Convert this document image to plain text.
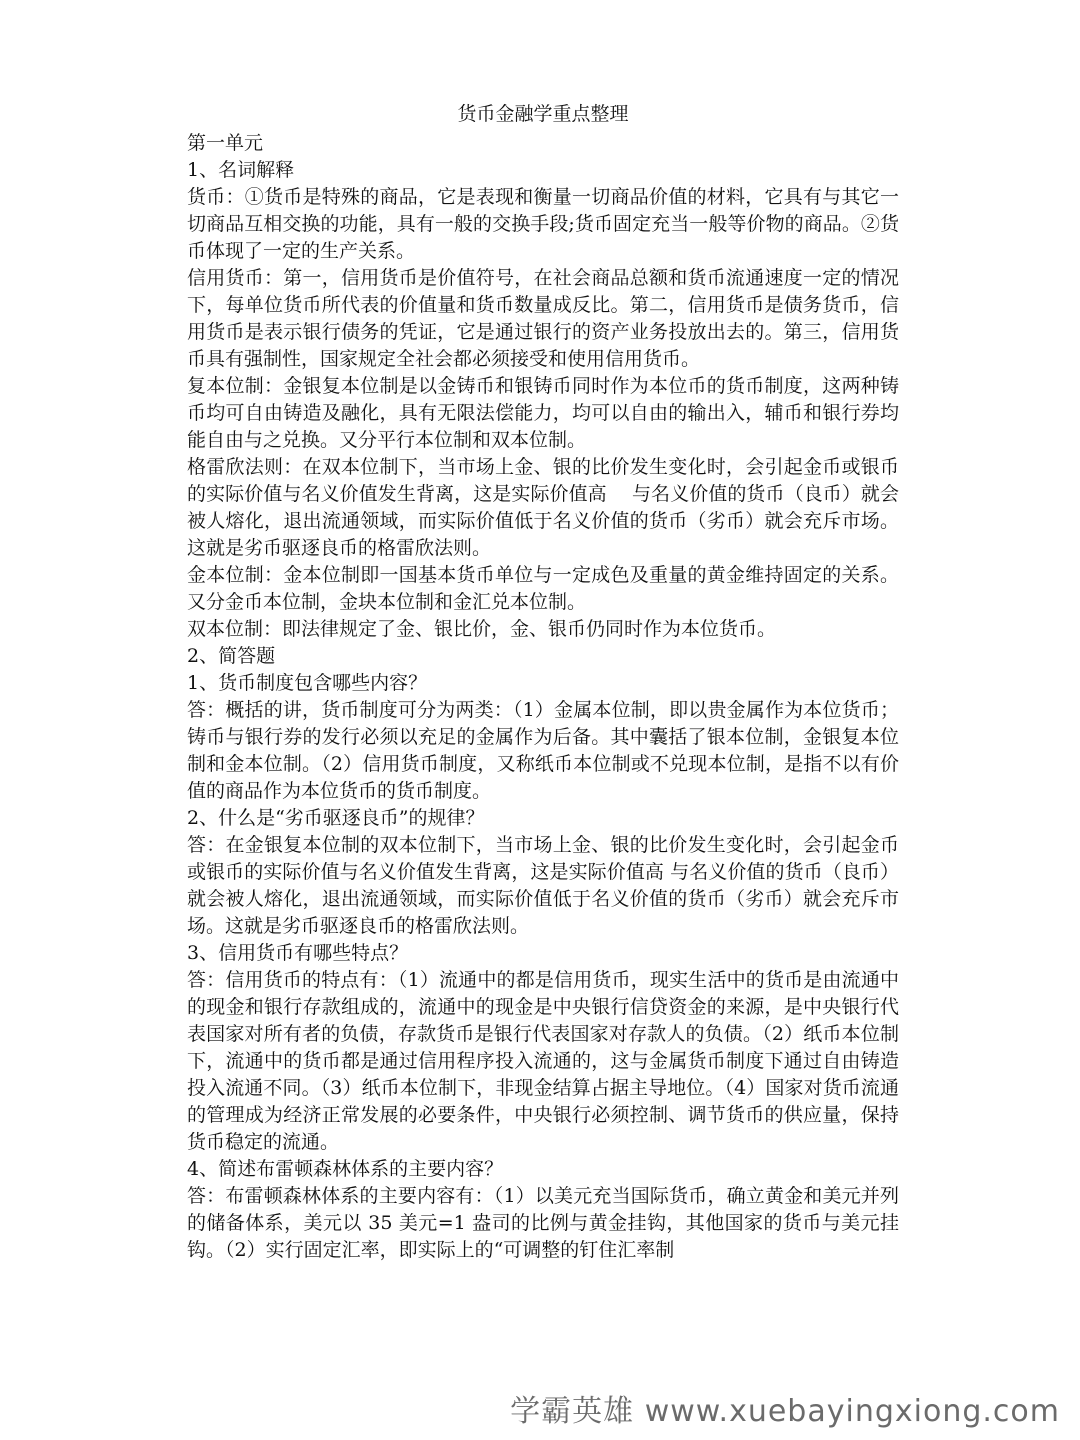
货币金融学重点整理

第一单元

1、名词解释

货币：①货币是特殊的商品，它是表现和衡量一切商品价值的材料，它具有与其它一切商品互相交换的功能，具有一般的交换手段;货币固定充当一般等价物的商品。②货币体现了一定的生产关系。

信用货币：第一，信用货币是价值符号，在社会商品总额和货币流通速度一定的情况下，每单位货币所代表的价值量和货币数量成反比。第二，信用货币是债务货币，信用货币是表示银行债务的凭证，它是通过银行的资产业务投放出去的。第三，信用货币具有强制性，国家规定全社会都必须接受和使用信用货币。

复本位制：金银复本位制是以金铸币和银铸币同时作为本位币的货币制度，这两种铸币均可自由铸造及融化，具有无限法偿能力，均可以自由的输出入，辅币和银行券均能自由与之兑换。又分平行本位制和双本位制。

格雷欣法则：在双本位制下，当市场上金、银的比价发生变化时，会引起金币或银币的实际价值与名义价值发生背离，这是实际价值高　 与名义价值的货币（良币）就会被人熔化，退出流通领域，而实际价值低于名义价值的货币（劣币）就会充斥市场。这就是劣币驱逐良币的格雷欣法则。

金本位制：金本位制即一国基本货币单位与一定成色及重量的黄金维持固定的关系。又分金币本位制，金块本位制和金汇兑本位制。

双本位制：即法律规定了金、银比价，金、银币仍同时作为本位货币。

2、简答题

1、货币制度包含哪些内容？

答：概括的讲，货币制度可分为两类：（1）金属本位制，即以贵金属作为本位货币；铸币与银行券的发行必须以充足的金属作为后备。其中囊括了银本位制，金银复本位制和金本位制。（2）信用货币制度，又称纸币本位制或不兑现本位制，是指不以有价值的商品作为本位货币的货币制度。

2、什么是“劣币驱逐良币”的规律？

答：在金银复本位制的双本位制下，当市场上金、银的比价发生变化时，会引起金币或银币的实际价值与名义价值发生背离，这是实际价值高 与名义价值的货币（良币）就会被人熔化，退出流通领域，而实际价值低于名义价值的货币（劣币）就会充斥市场。这就是劣币驱逐良币的格雷欣法则。

3、信用货币有哪些特点？

答：信用货币的特点有：（1）流通中的都是信用货币，现实生活中的货币是由流通中的现金和银行存款组成的，流通中的现金是中央银行信贷资金的来源，是中央银行代表国家对所有者的负债，存款货币是银行代表国家对存款人的负债。（2）纸币本位制下，流通中的货币都是通过信用程序投入流通的，这与金属货币制度下通过自由铸造投入流通不同。（3）纸币本位制下，非现金结算占据主导地位。（4）国家对货币流通的管理成为经济正常发展的必要条件，中央银行必须控制、调节货币的供应量，保持货币稳定的流通。

4、简述布雷顿森林体系的主要内容？

答：布雷顿森林体系的主要内容有：（1）以美元充当国际货币，确立黄金和美元并列的储备体系，美元以 35 美元=1 盎司的比例与黄金挂钩，其他国家的货币与美元挂钩。（2）实行固定汇率，即实际上的“可调整的钉住汇率制

学霸英雄 www.xuebayingxiong.com
